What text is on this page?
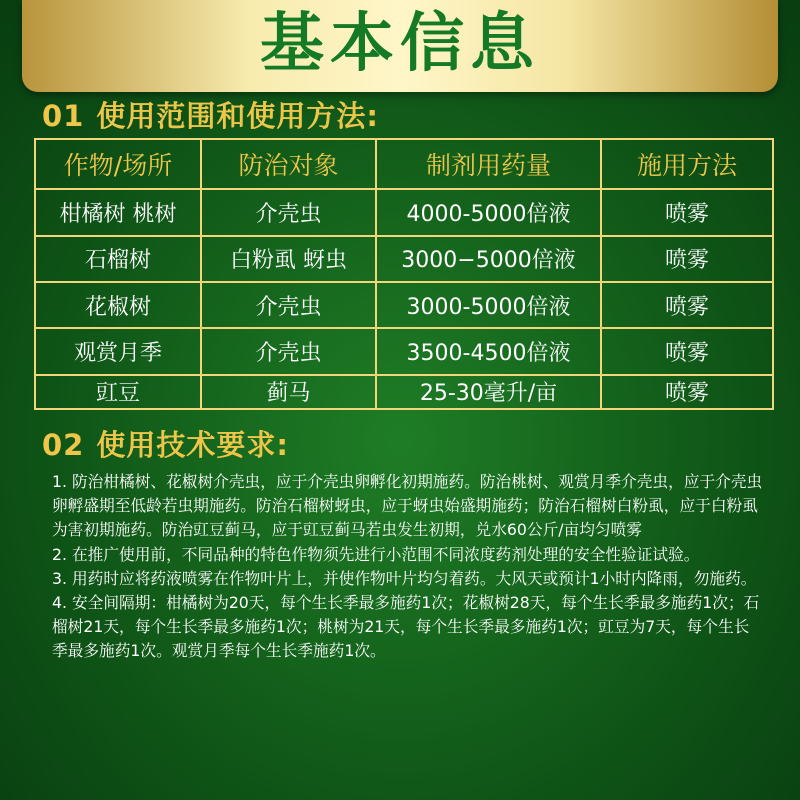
基本信息
01 使用范围和使用方法:
作物/场所	防治对象	制剂用药量	施用方法
柑橘树 桃树	介壳虫	4000-5000倍液	喷雾
石榴树	白粉虱 蚜虫	3000−5000倍液	喷雾
花椒树	介壳虫	3000-5000倍液	喷雾
观赏月季	介壳虫	3500-4500倍液	喷雾
豇豆	蓟马	25-30毫升/亩	喷雾
02 使用技术要求:

1. 防治柑橘树、花椒树介壳虫，应于介壳虫卵孵化初期施药。防治桃树、观赏月季介壳虫，应于介壳虫卵孵盛期至低龄若虫期施药。防治石榴树蚜虫，应于蚜虫始盛期施药；防治石榴树白粉虱，应于白粉虱为害初期施药。防治豇豆蓟马，应于豇豆蓟马若虫发生初期，兑水60公斤/亩均匀喷雾

2. 在推广使用前，不同品种的特色作物须先进行小范围不同浓度药剂处理的安全性验证试验。

3. 用药时应将药液喷雾在作物叶片上，并使作物叶片均匀着药。大风天或预计1小时内降雨，勿施药。

4. 安全间隔期：柑橘树为20天，每个生长季最多施药1次；花椒树28天，每个生长季最多施药1次；石榴树21天，每个生长季最多施药1次；桃树为21天，每个生长季最多施药1次；豇豆为7天，每个生长季最多施药1次。观赏月季每个生长季施药1次。
